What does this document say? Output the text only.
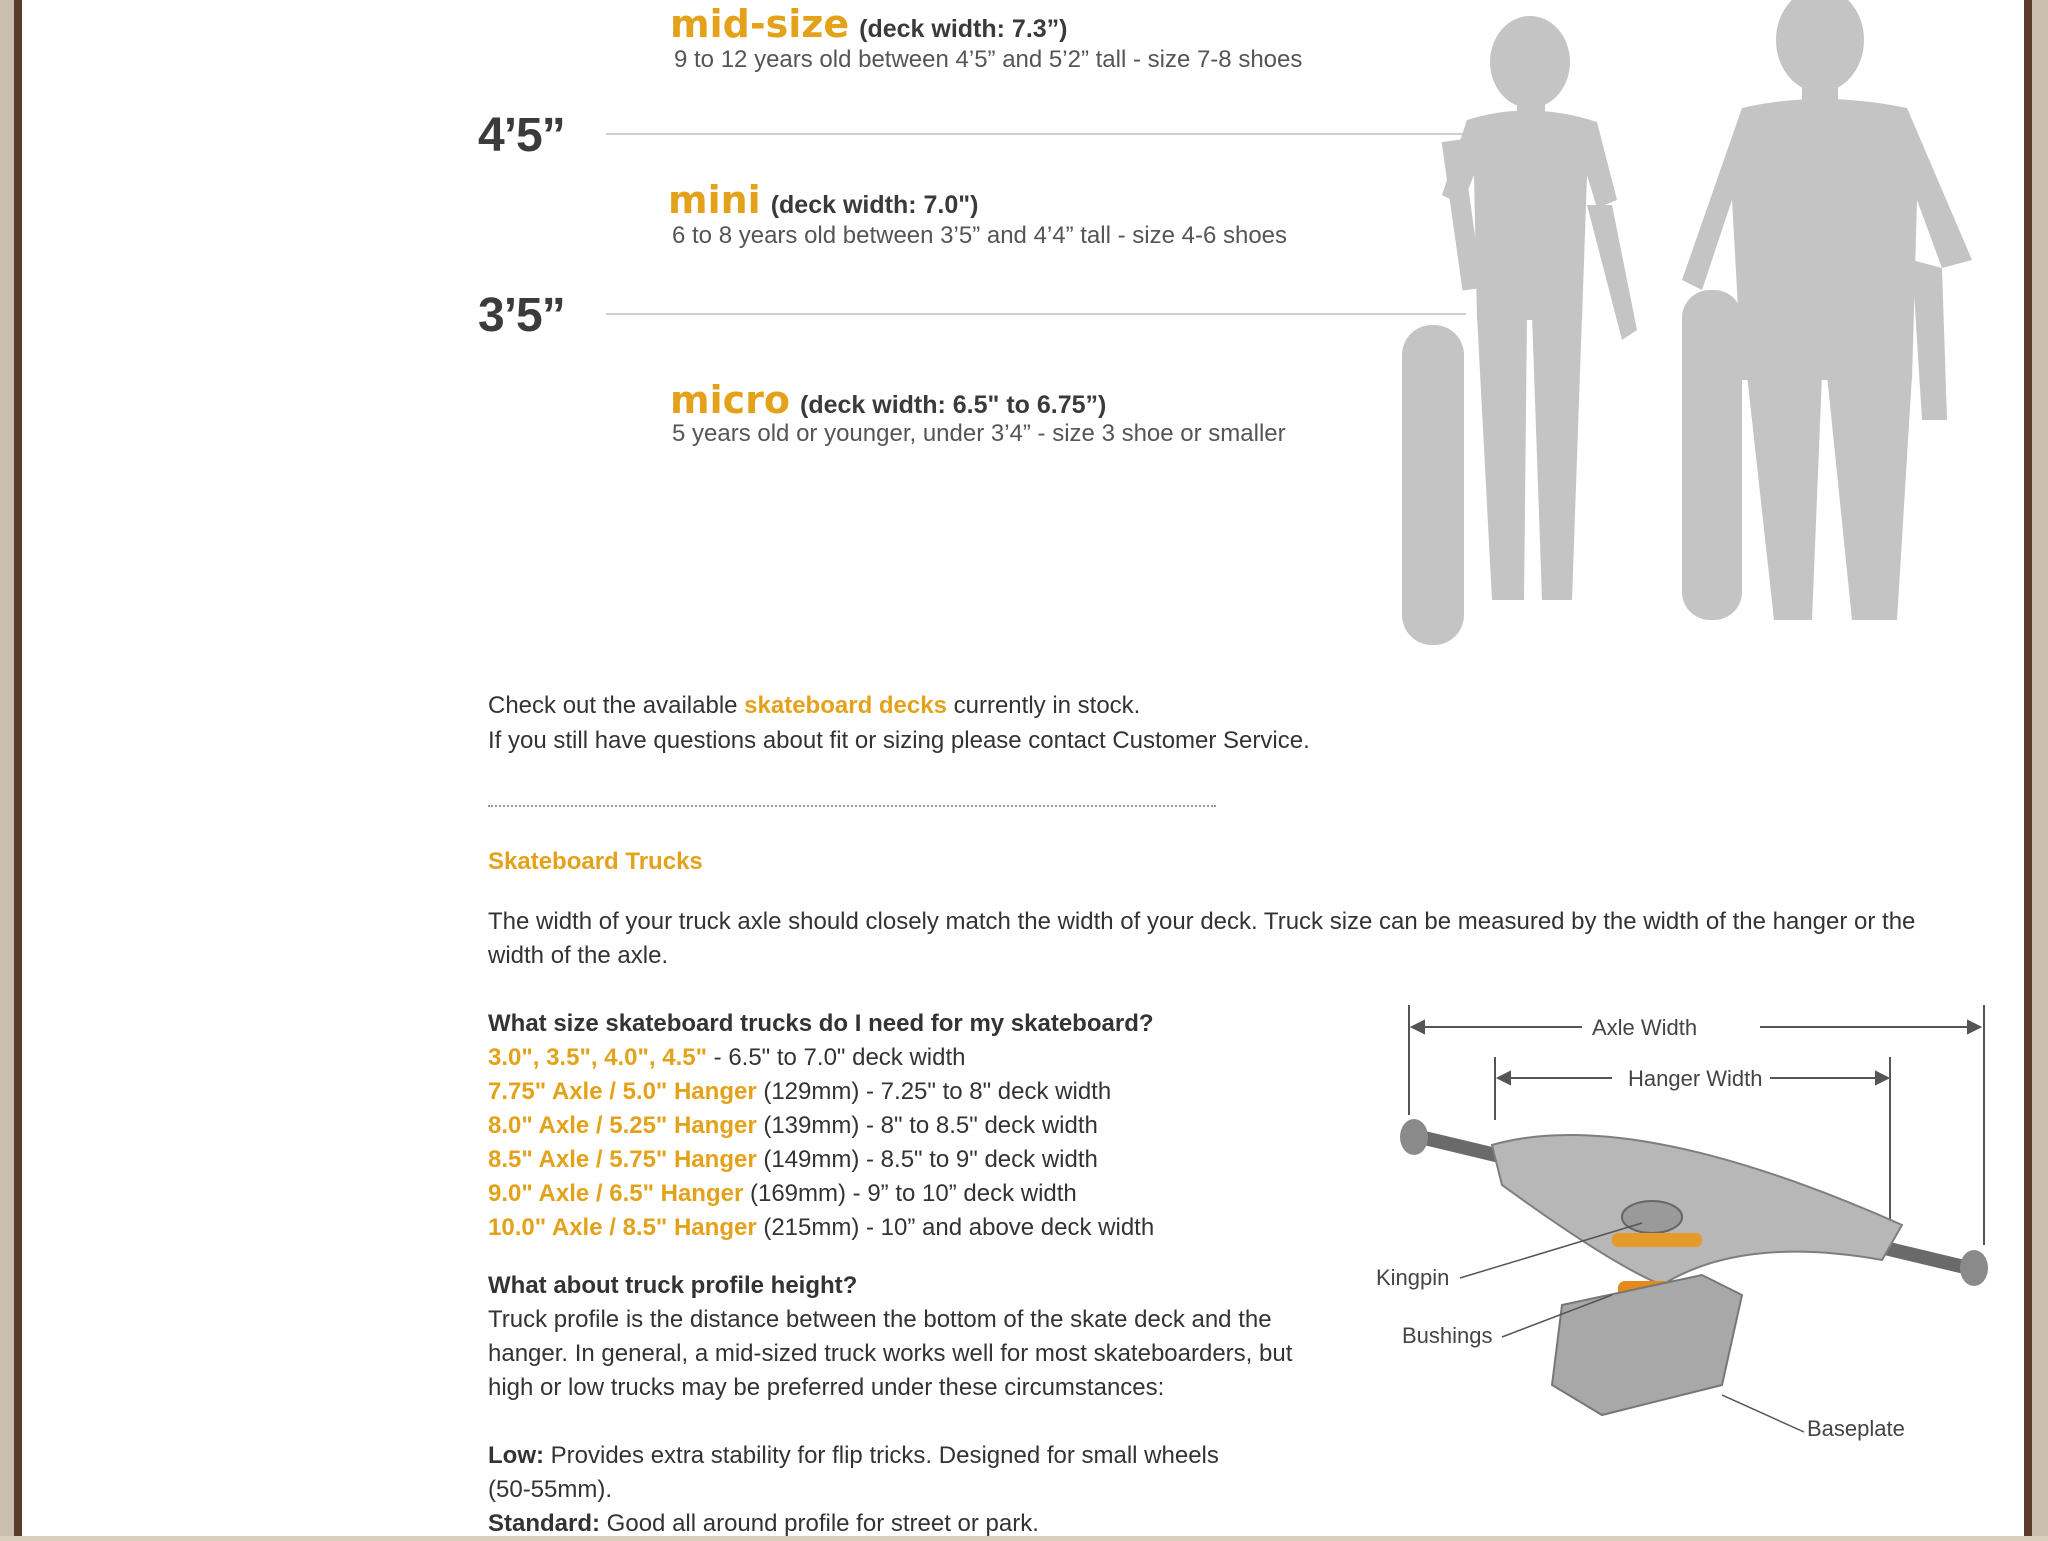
mid-size (deck width: 7.3”)
9 to 12 years old between 4’5” and 5’2” tall - size 7-8 shoes
4’5”
mini (deck width: 7.0")
6 to 8 years old between 3’5” and 4’4” tall - size 4-6 shoes
3’5”
micro (deck width: 6.5" to 6.75”)
5 years old or younger, under 3’4” - size 3 shoe or smaller
Check out the available skateboard decks currently in stock.
If you still have questions about fit or sizing please contact Customer Service.
Skateboard Trucks
The width of your truck axle should closely match the width of your deck. Truck size can be measured by the width of the hanger or the
width of the axle.
What size skateboard trucks do I need for my skateboard?
3.0", 3.5", 4.0", 4.5" - 6.5" to 7.0" deck width
7.75" Axle / 5.0" Hanger (129mm) - 7.25" to 8" deck width
8.0" Axle / 5.25" Hanger (139mm) - 8" to 8.5" deck width
8.5" Axle / 5.75" Hanger (149mm) - 8.5" to 9" deck width
9.0" Axle / 6.5" Hanger (169mm) - 9” to 10” deck width
10.0" Axle / 8.5" Hanger (215mm) - 10” and above deck width
What about truck profile height?
Truck profile is the distance between the bottom of the skate deck and the
hanger. In general, a mid-sized truck works well for most skateboarders, but
high or low trucks may be preferred under these circumstances:
Low: Provides extra stability for flip tricks. Designed for small wheels
(50-55mm).
Standard: Good all around profile for street or park.
Axle Width
Hanger Width
Kingpin
Bushings
Baseplate
